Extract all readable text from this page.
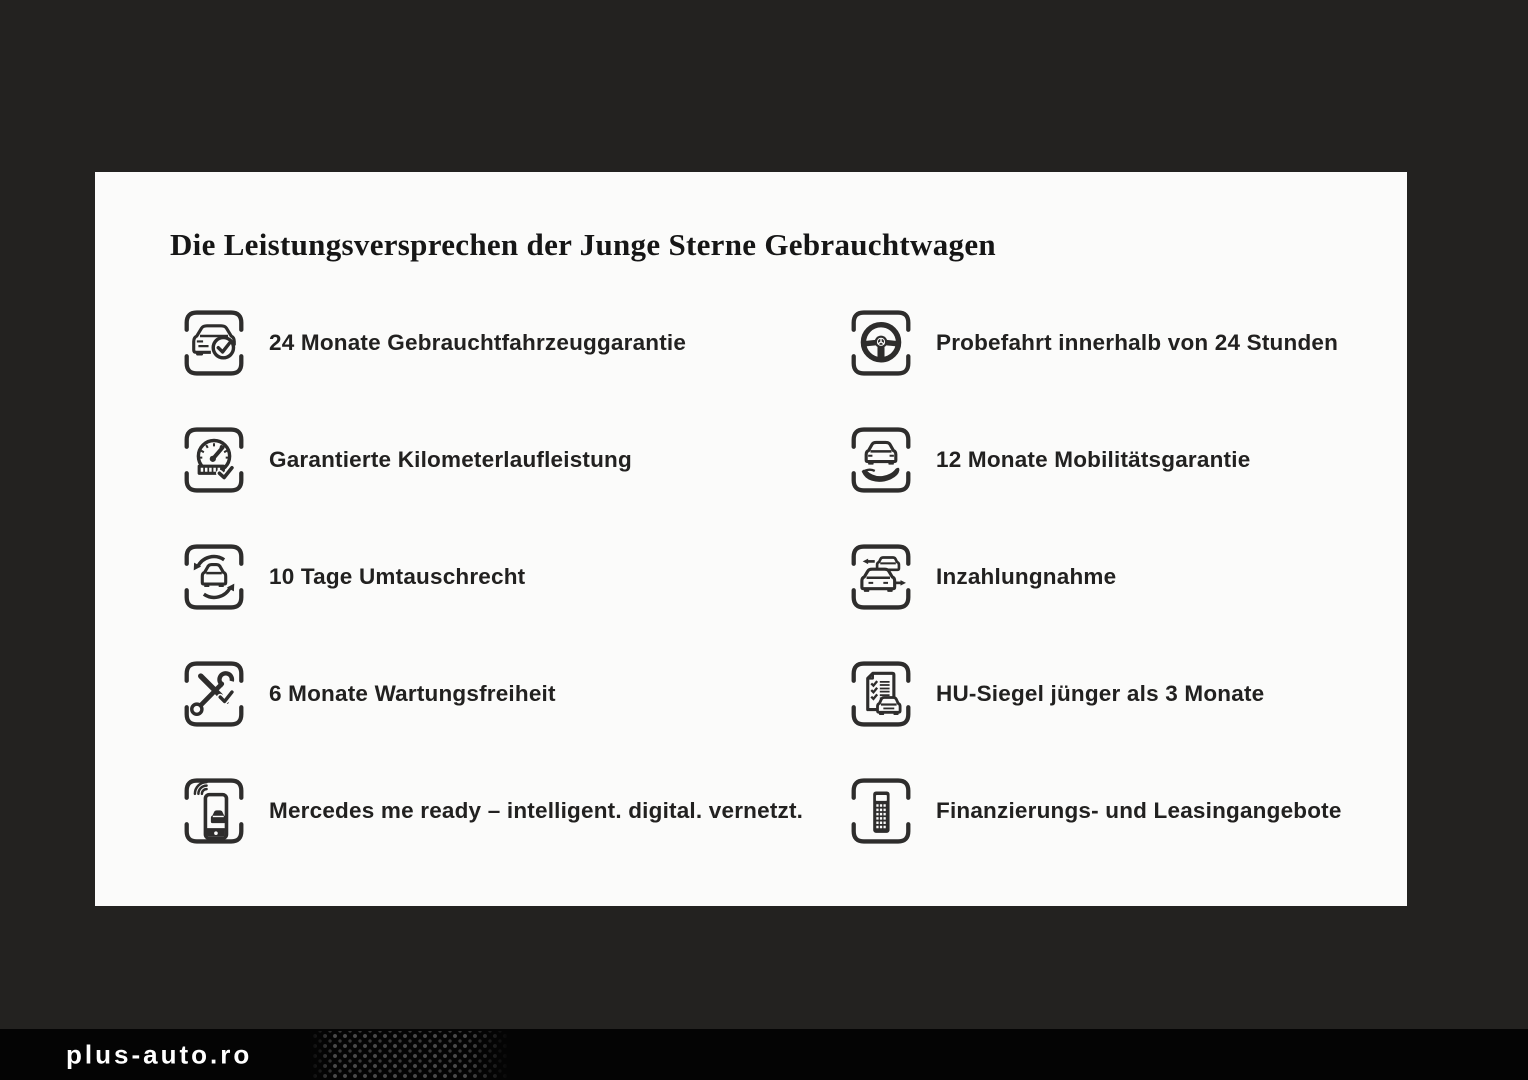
Die Leistungsversprechen der Junge Sterne Gebrauchtwagen
24 Monate Gebrauchtfahrzeuggarantie
Garantierte Kilometerlaufleistung
10 Tage Umtauschrecht
6 Monate Wartungsfreiheit
Mercedes me ready – intelligent. digital. vernetzt.
Probefahrt innerhalb von 24 Stunden
12 Monate Mobilitätsgarantie
Inzahlungnahme
HU-Siegel jünger als 3 Monate
Finanzierungs- und Leasingangebote
plus-auto.ro
